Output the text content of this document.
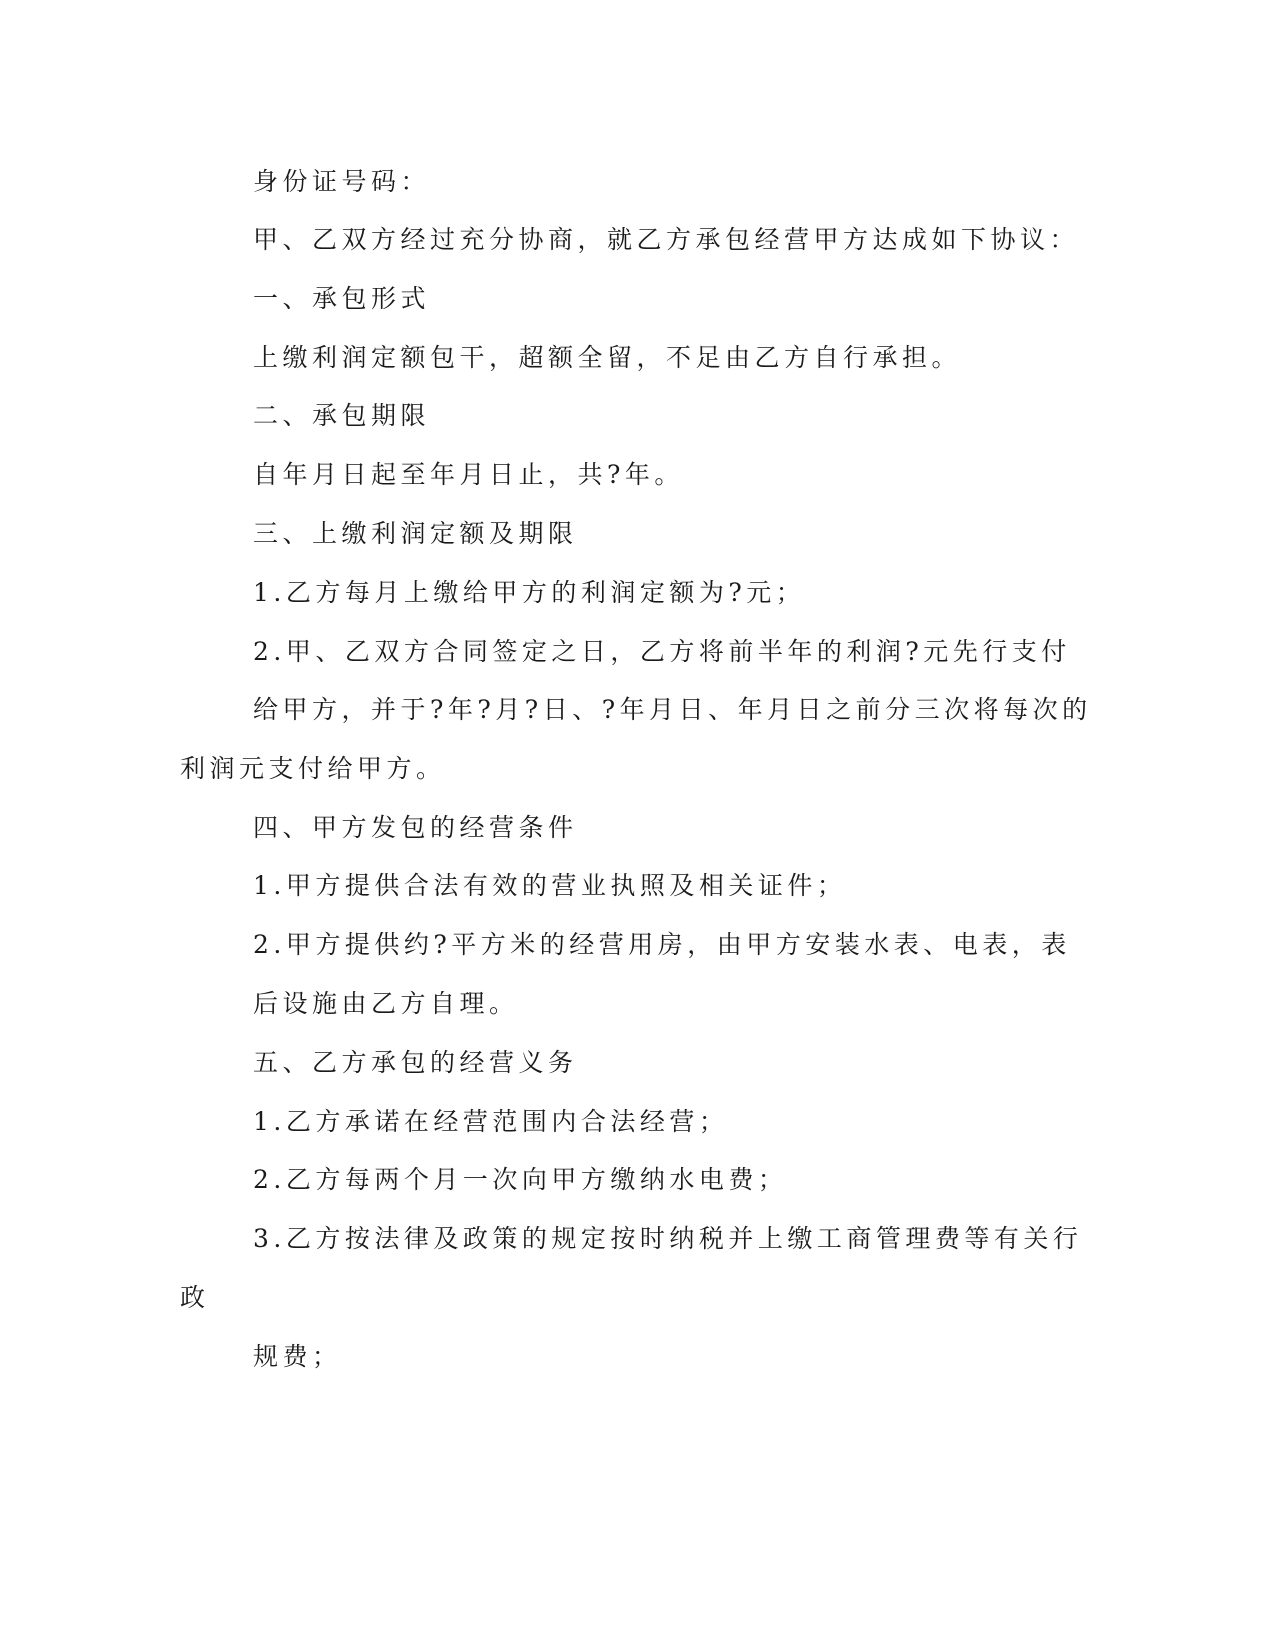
身份证号码：
甲、乙双方经过充分协商，就乙方承包经营甲方达成如下协议：
一、承包形式
上缴利润定额包干，超额全留，不足由乙方自行承担。
二、承包期限
自年月日起至年月日止，共?年。
三、上缴利润定额及期限
1.乙方每月上缴给甲方的利润定额为?元；
2.甲、乙双方合同签定之日，乙方将前半年的利润?元先行支付
给甲方，并于?年?月?日、?年月日、年月日之前分三次将每次的
利润元支付给甲方。
四、甲方发包的经营条件
1.甲方提供合法有效的营业执照及相关证件；
2.甲方提供约?平方米的经营用房，由甲方安装水表、电表，表
后设施由乙方自理。
五、乙方承包的经营义务
1.乙方承诺在经营范围内合法经营；
2.乙方每两个月一次向甲方缴纳水电费；
3.乙方按法律及政策的规定按时纳税并上缴工商管理费等有关行
政
规费；
